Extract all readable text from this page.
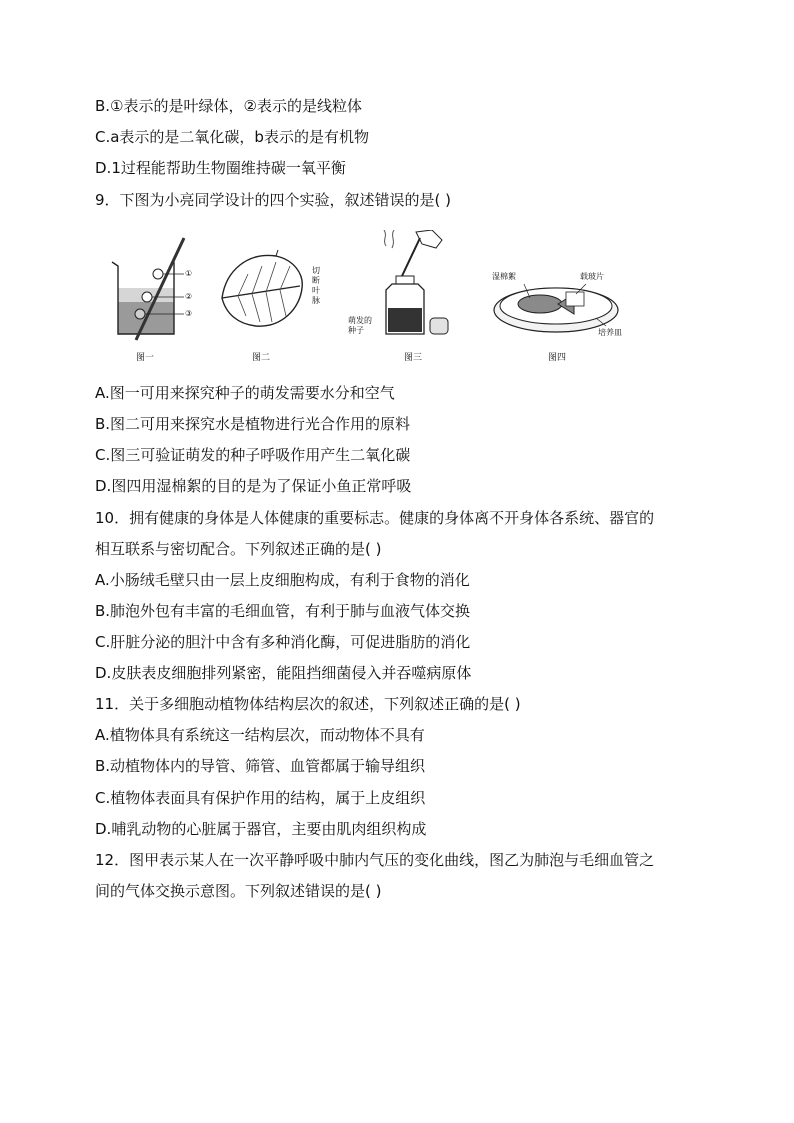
B.①表示的是叶绿体，②表示的是线粒体
C.a表示的是二氧化碳，b表示的是有机物
D.1过程能帮助生物圈维持碳一氧平衡
9．下图为小亮同学设计的四个实验，叙述错误的是( )
①
②
③
图一
切断叶脉
图二
萌发的种子
图三
湿棉絮	载玻片
培养皿
图四
A.图一可用来探究种子的萌发需要水分和空气
B.图二可用来探究水是植物进行光合作用的原料
C.图三可验证萌发的种子呼吸作用产生二氧化碳
D.图四用湿棉絮的目的是为了保证小鱼正常呼吸
10．拥有健康的身体是人体健康的重要标志。健康的身体离不开身体各系统、器官的
相互联系与密切配合。下列叙述正确的是( )
A.小肠绒毛壁只由一层上皮细胞构成，有利于食物的消化
B.肺泡外包有丰富的毛细血管，有利于肺与血液气体交换
C.肝脏分泌的胆汁中含有多种消化酶，可促进脂肪的消化
D.皮肤表皮细胞排列紧密，能阻挡细菌侵入并吞噬病原体
11．关于多细胞动植物体结构层次的叙述，下列叙述正确的是( )
A.植物体具有系统这一结构层次，而动物体不具有
B.动植物体内的导管、筛管、血管都属于输导组织
C.植物体表面具有保护作用的结构，属于上皮组织
D.哺乳动物的心脏属于器官，主要由肌肉组织构成
12．图甲表示某人在一次平静呼吸中肺内气压的变化曲线，图乙为肺泡与毛细血管之
间的气体交换示意图。下列叙述错误的是( )
